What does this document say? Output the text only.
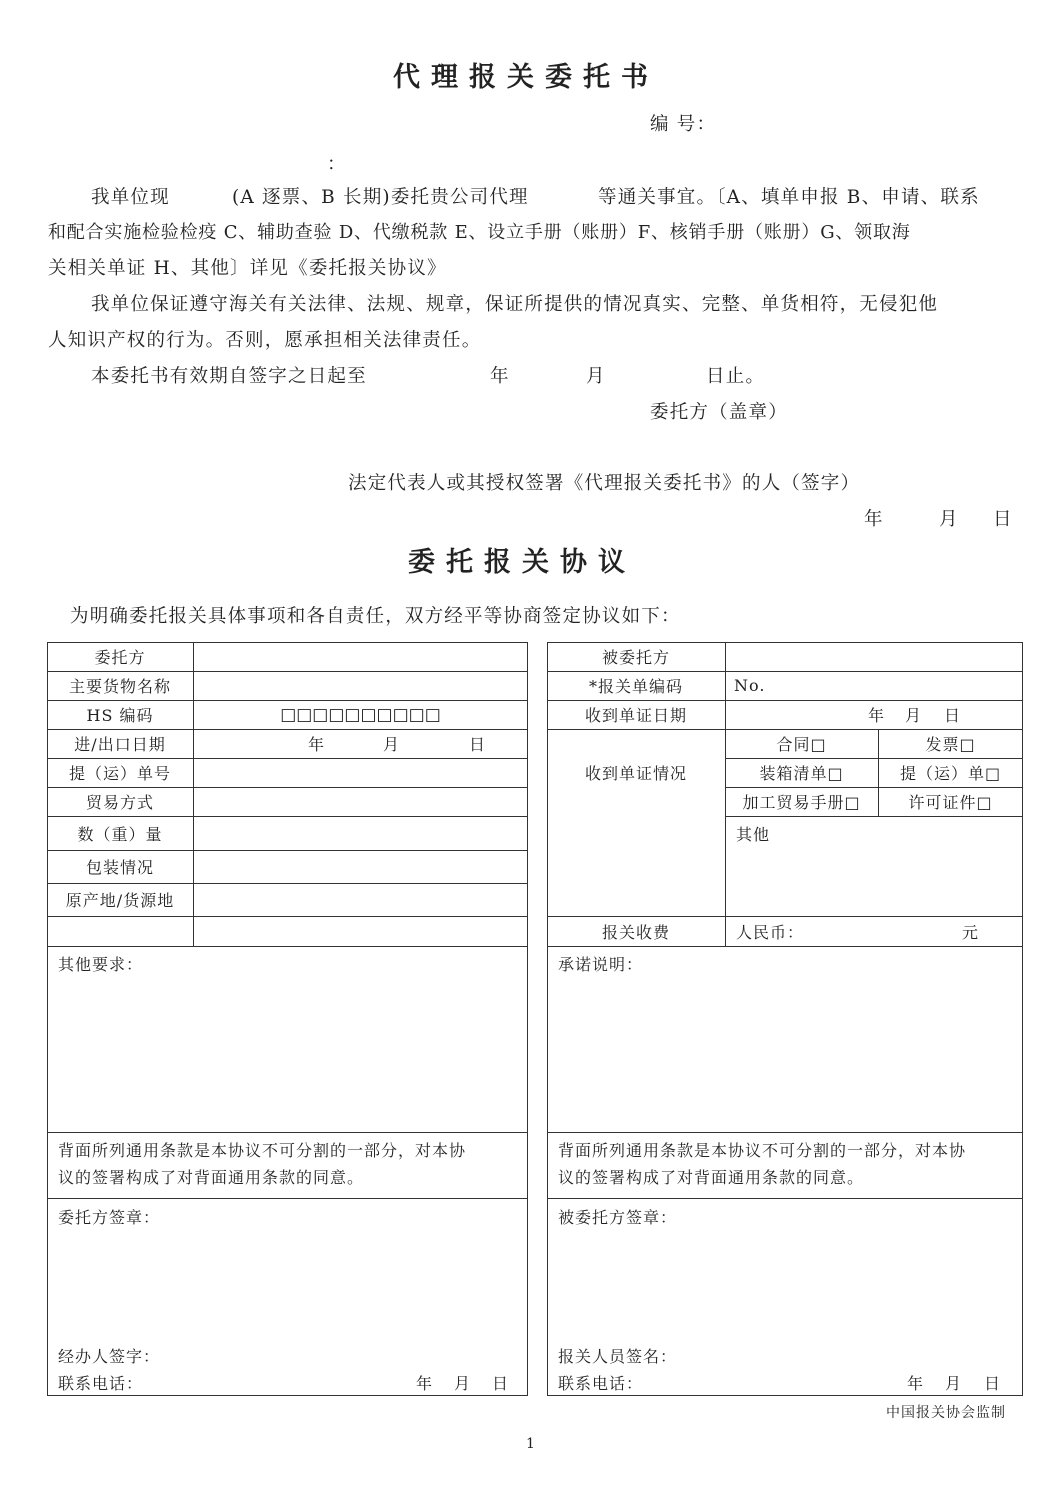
代理报关委托书
编 号：
：
我单位现	(A 逐票、B 长期)委托贵公司代理	等通关事宜。〔A、填单申报 B、申请、联系
和配合实施检验检疫 C、辅助查验 D、代缴税款 E、设立手册（账册）F、核销手册（账册）G、领取海
关相关单证 H、其他〕详见《委托报关协议》
我单位保证遵守海关有关法律、法规、规章，保证所提供的情况真实、完整、单货相符，无侵犯他
人知识产权的行为。否则，愿承担相关法律责任。
本委托书有效期自签字之日起至	年	月	日止。
委托方（盖章）
法定代表人或其授权签署《代理报关委托书》的人（签字）
年	月 日
委托报关协议
为明确委托报关具体事项和各自责任，双方经平等协商签定协议如下：
委托方
主要货物名称
HS 编码	□□□□□□□□□□
进/出口日期	年	月	日
提（运）单号
贸易方式
数（重）量
包装情况
原产地/货源地
其他要求：
背面所列通用条款是本协议不可分割的一部分，对本协
议的签署构成了对背面通用条款的同意。
委托方签章：
经办人签字：
联系电话：	年 月 日
被委托方
*报关单编码	No.
收到单证日期	年 月 日
收到单证情况
合同□	发票□
装箱清单□	提（运）单□
加工贸易手册□	许可证件□
其他
报关收费	人民币：	元
承诺说明：
背面所列通用条款是本协议不可分割的一部分，对本协
议的签署构成了对背面通用条款的同意。
被委托方签章：
报关人员签名：
联系电话：	年 月 日
中国报关协会监制
1
